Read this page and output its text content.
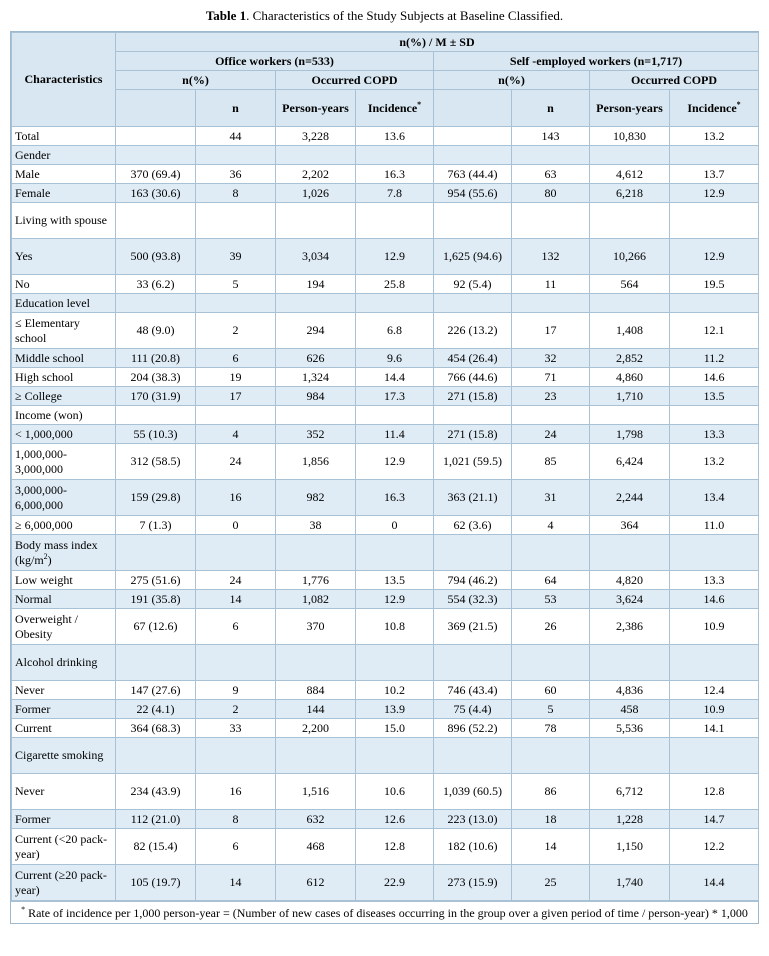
Table 1. Characteristics of the Study Subjects at Baseline Classified.
Characteristics	n(%) / M ± SD							
	Office workers (n=533)				Self -employed workers (n=1,717)			
	n(%)		Occurred COPD		n(%)		Occurred COPD	
		n	Person-years	Incidence*		n	Person-years	Incidence*
Total		44	3,228	13.6		143	10,830	13.2
Gender								
Male	370 (69.4)	36	2,202	16.3	763 (44.4)	63	4,612	13.7
Female	163 (30.6)	8	1,026	7.8	954 (55.6)	80	6,218	12.9
Living with spouse								
Yes	500 (93.8)	39	3,034	12.9	1,625 (94.6)	132	10,266	12.9
No	33 (6.2)	5	194	25.8	92 (5.4)	11	564	19.5
Education level								
≤ Elementary school	48 (9.0)	2	294	6.8	226 (13.2)	17	1,408	12.1
Middle school	111 (20.8)	6	626	9.6	454 (26.4)	32	2,852	11.2
High school	204 (38.3)	19	1,324	14.4	766 (44.6)	71	4,860	14.6
≥ College	170 (31.9)	17	984	17.3	271 (15.8)	23	1,710	13.5
Income (won)								
< 1,000,000	55 (10.3)	4	352	11.4	271 (15.8)	24	1,798	13.3
1,000,000-3,000,000	312 (58.5)	24	1,856	12.9	1,021 (59.5)	85	6,424	13.2
3,000,000-6,000,000	159 (29.8)	16	982	16.3	363 (21.1)	31	2,244	13.4
≥ 6,000,000	7 (1.3)	0	38	0	62 (3.6)	4	364	11.0
Body mass index $(kg/m^2)$								
Low weight	275 (51.6)	24	1,776	13.5	794 (46.2)	64	4,820	13.3
Normal	191 (35.8)	14	1,082	12.9	554 (32.3)	53	3,624	14.6
Overweight / Obesity	67 (12.6)	6	370	10.8	369 (21.5)	26	2,386	10.9
Alcohol drinking								
Never	147 (27.6)	9	884	10.2	746 (43.4)	60	4,836	12.4
Former	22 (4.1)	2	144	13.9	75 (4.4)	5	458	10.9
Current	364 (68.3)	33	2,200	15.0	896 (52.2)	78	5,536	14.1
Cigarette smoking								
Never	234 (43.9)	16	1,516	10.6	1,039 (60.5)	86	6,712	12.8
Former	112 (21.0)	8	632	12.6	223 (13.0)	18	1,228	14.7
Current (<20 pack-year)	82 (15.4)	6	468	12.8	182 (10.6)	14	1,150	12.2
Current (≥20 pack-year)	105 (19.7)	14	612	22.9	273 (15.9)	25	1,740	14.4
* Rate of incidence per 1,000 person-year = (Number of new cases of diseases occurring in the group over a given period of time / person-year) * 1,000
